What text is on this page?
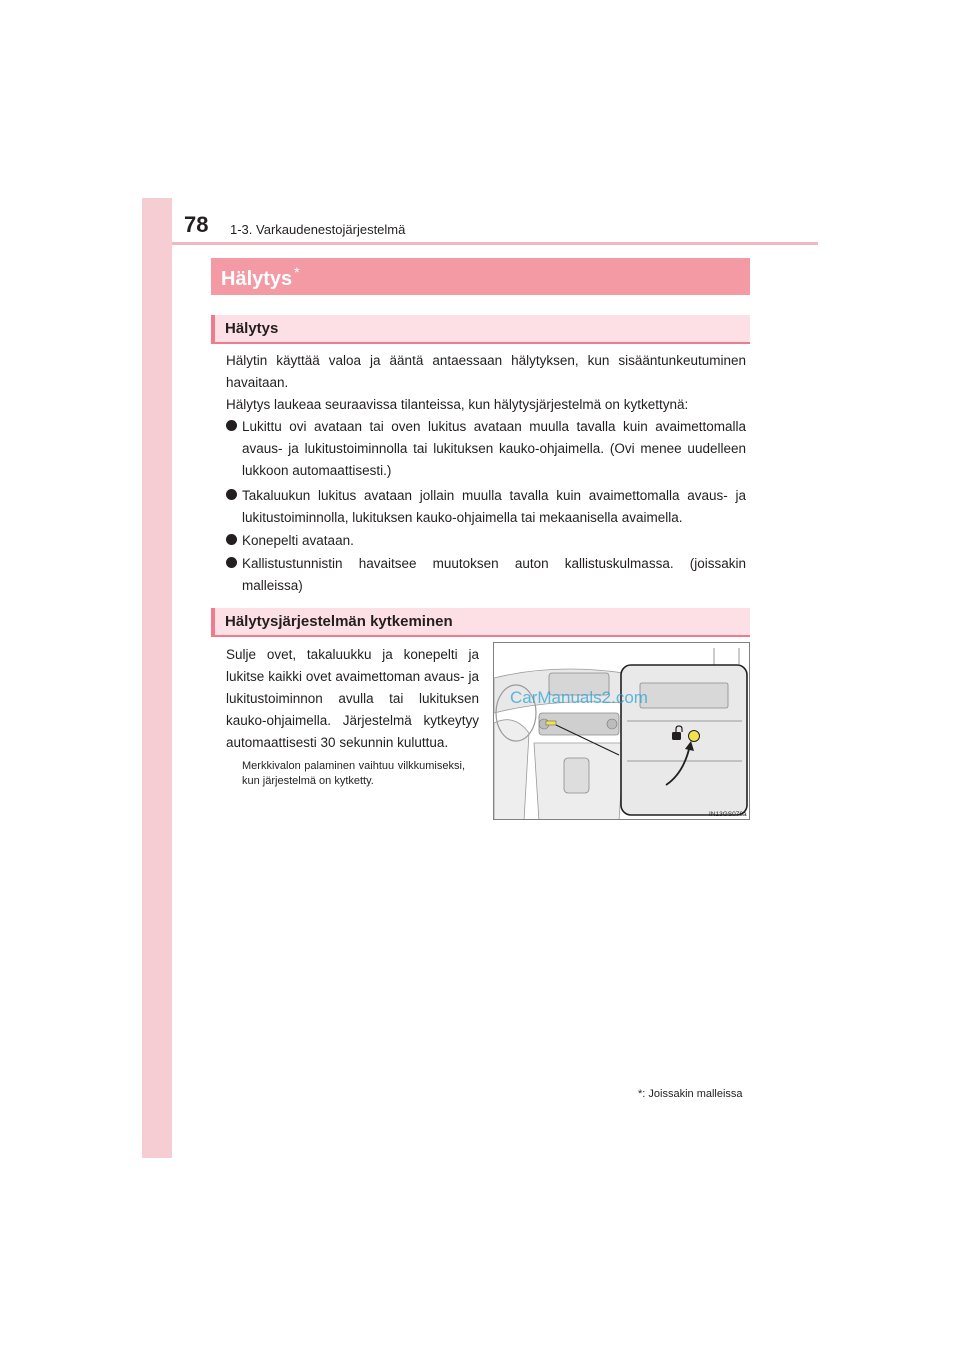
78 1-3. Varkaudenestojärjestelmä
Hälytys *
Hälytys

Hälytin käyttää valoa ja ääntä antaessaan hälytyksen, kun sisääntunkeutuminen havaitaan.

Hälytys laukeaa seuraavissa tilanteissa, kun hälytysjärjestelmä on kytkettynä:

Lukittu ovi avataan tai oven lukitus avataan muulla tavalla kuin avaimettomalla avaus- ja lukitustoiminnolla tai lukituksen kauko-ohjaimella. (Ovi menee uudelleen lukkoon automaattisesti.)
Takaluukun lukitus avataan jollain muulla tavalla kuin avaimettomalla avaus- ja lukitustoiminnolla, lukituksen kauko-ohjaimella tai mekaanisella avaimella.
Konepelti avataan.
Kallistustunnistin havaitsee muutoksen auton kallistuskulmassa. (joissakin malleissa)
Hälytysjärjestelmän kytkeminen
Sulje ovet, takaluukku ja konepelti ja lukitse kaikki ovet avaimettoman avaus- ja lukitustoiminnon avulla tai lukituksen kauko-ohjaimella. Järjestelmä kytkeytyy automaattisesti 30 sekunnin kuluttua.
Merkkivalon palaminen vaihtuu vilkkumiseksi, kun järjestelmä on kytketty.
CarManuals2.com
IN13GS076a
*: Joissakin malleissa
